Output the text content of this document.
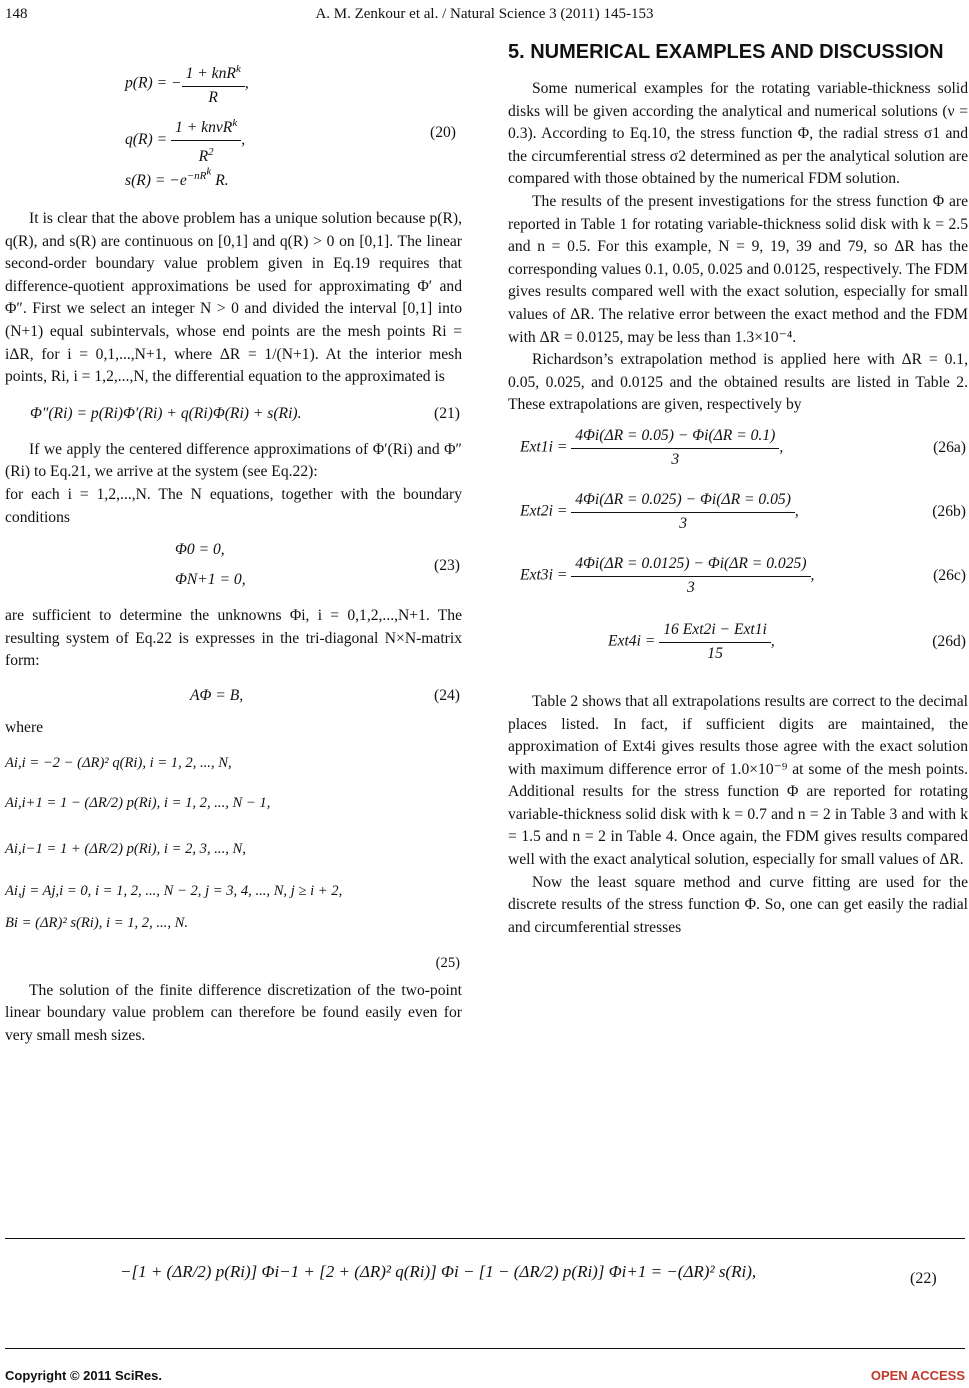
148	A. M. Zenkour et al. / Natural Science 3 (2011) 145-153
p(R) = − $\frac{1 + knR^k}{R}$ ,
$q(R) = \frac{1 + kn\nu R^k}{R^2}$ ,
$s(R) = -e^{-nR^k}$ R.
(20)

It is clear that the above problem has a unique solution because p(R), q(R), and s(R) are continuous on [0,1] and q(R) > 0 on [0,1]. The linear second-order boundary value problem given in Eq.19 requires that difference-quotient approximations be used for approximating Φ′ and Φ″. First we select an integer N > 0 and divided the interval [0,1] into (N+1) equal subintervals, whose end points are the mesh points Ri = iΔR, for i = 0,1,...,N+1, where ΔR = 1/(N+1). At the interior mesh points, Ri, i = 1,2,...,N, the differential equation to the approximated is

Φ″(Ri) = p(Ri)Φ′(Ri) + q(Ri)Φ(Ri) + s(Ri).	(21)

If we apply the centered difference approximations of Φ′(Ri) and Φ″(Ri) to Eq.21, we arrive at the system (see Eq.22):

for each i = 1,2,...,N. The N equations, together with the boundary conditions

Φ0 = 0,
ΦN+1 = 0,
(23)

are sufficient to determine the unknowns Φi, i = 0,1,2,...,N+1. The resulting system of Eq.22 is expresses in the tri-diagonal N×N-matrix form:

AΦ = B,	(24)

where

Ai,i = −2 − (ΔR)² q(Ri), i = 1, 2, ..., N,
Ai,i+1 = 1 − (ΔR/2) p(Ri), i = 1, 2, ..., N − 1,
Ai,i−1 = 1 + (ΔR/2) p(Ri), i = 2, 3, ..., N,
Ai,j = Aj,i = 0, i = 1, 2, ..., N − 2, j = 3, 4, ..., N, j ≥ i + 2,
Bi = (ΔR)² s(Ri), i = 1, 2, ..., N.
(25)

The solution of the finite difference discretization of the two-point linear boundary value problem can therefore be found easily even for very small mesh sizes.

5. NUMERICAL EXAMPLES AND DISCUSSION

Some numerical examples for the rotating variable-thickness solid disks will be given according the analytical and numerical solutions (ν = 0.3). According to Eq.10, the stress function Φ, the radial stress σ1 and the circumferential stress σ2 determined as per the analytical solution are compared with those obtained by the numerical FDM solution.

The results of the present investigations for the stress function Φ are reported in Table 1 for rotating variable-thickness solid disk with k = 2.5 and n = 0.5. For this example, N = 9, 19, 39 and 79, so ΔR has the corresponding values 0.1, 0.05, 0.025 and 0.0125, respectively. The FDM gives results compared well with the exact solution, especially for small values of ΔR. The relative error between the exact method and the FDM with ΔR = 0.0125, may be less than 1.3×10⁻⁴.

Richardson’s extrapolation method is applied here with ΔR = 0.1, 0.05, 0.025, and 0.0125 and the obtained results are listed in Table 2. These extrapolations are given, respectively by

$Ext1i = \frac{4\Phi i(\Delta R = 0.05) - \Phi i(\Delta R = 0.1)}{3}$ ,	(26a)
$Ext2i = \frac{4\Phi i(\Delta R = 0.025) - \Phi i(\Delta R = 0.05)}{3}$ ,	(26b)
$Ext3i = \frac{4\Phi i(\Delta R = 0.0125) - \Phi i(\Delta R = 0.025)}{3}$ ,	(26c)
$Ext4i = \frac{\text{16 Ext2i − Ext1i}}{15}$ ,	(26d)

Table 2 shows that all extrapolations results are correct to the decimal places listed. In fact, if sufficient digits are maintained, the approximation of Ext4i gives results those agree with the exact solution with maximum difference error of 1.0×10⁻⁹ at some of the mesh points. Additional results for the stress function Φ are reported for rotating variable-thickness solid disk with k = 0.7 and n = 2 in Table 3 and with k = 1.5 and n = 2 in Table 4. Once again, the FDM gives results compared well with the exact analytical solution, especially for small values of ΔR.

Now the least square method and curve fitting are used for the discrete results of the stress function Φ. So, one can get easily the radial and circumferential stresses

−[1 + (ΔR/2) p(Ri)] Φi−1 + [2 + (ΔR)² q(Ri)] Φi − [1 − (ΔR/2) p(Ri)] Φi+1 = −(ΔR)² s(Ri),	(22)
Copyright © 2011 SciRes.	OPEN ACCESS
